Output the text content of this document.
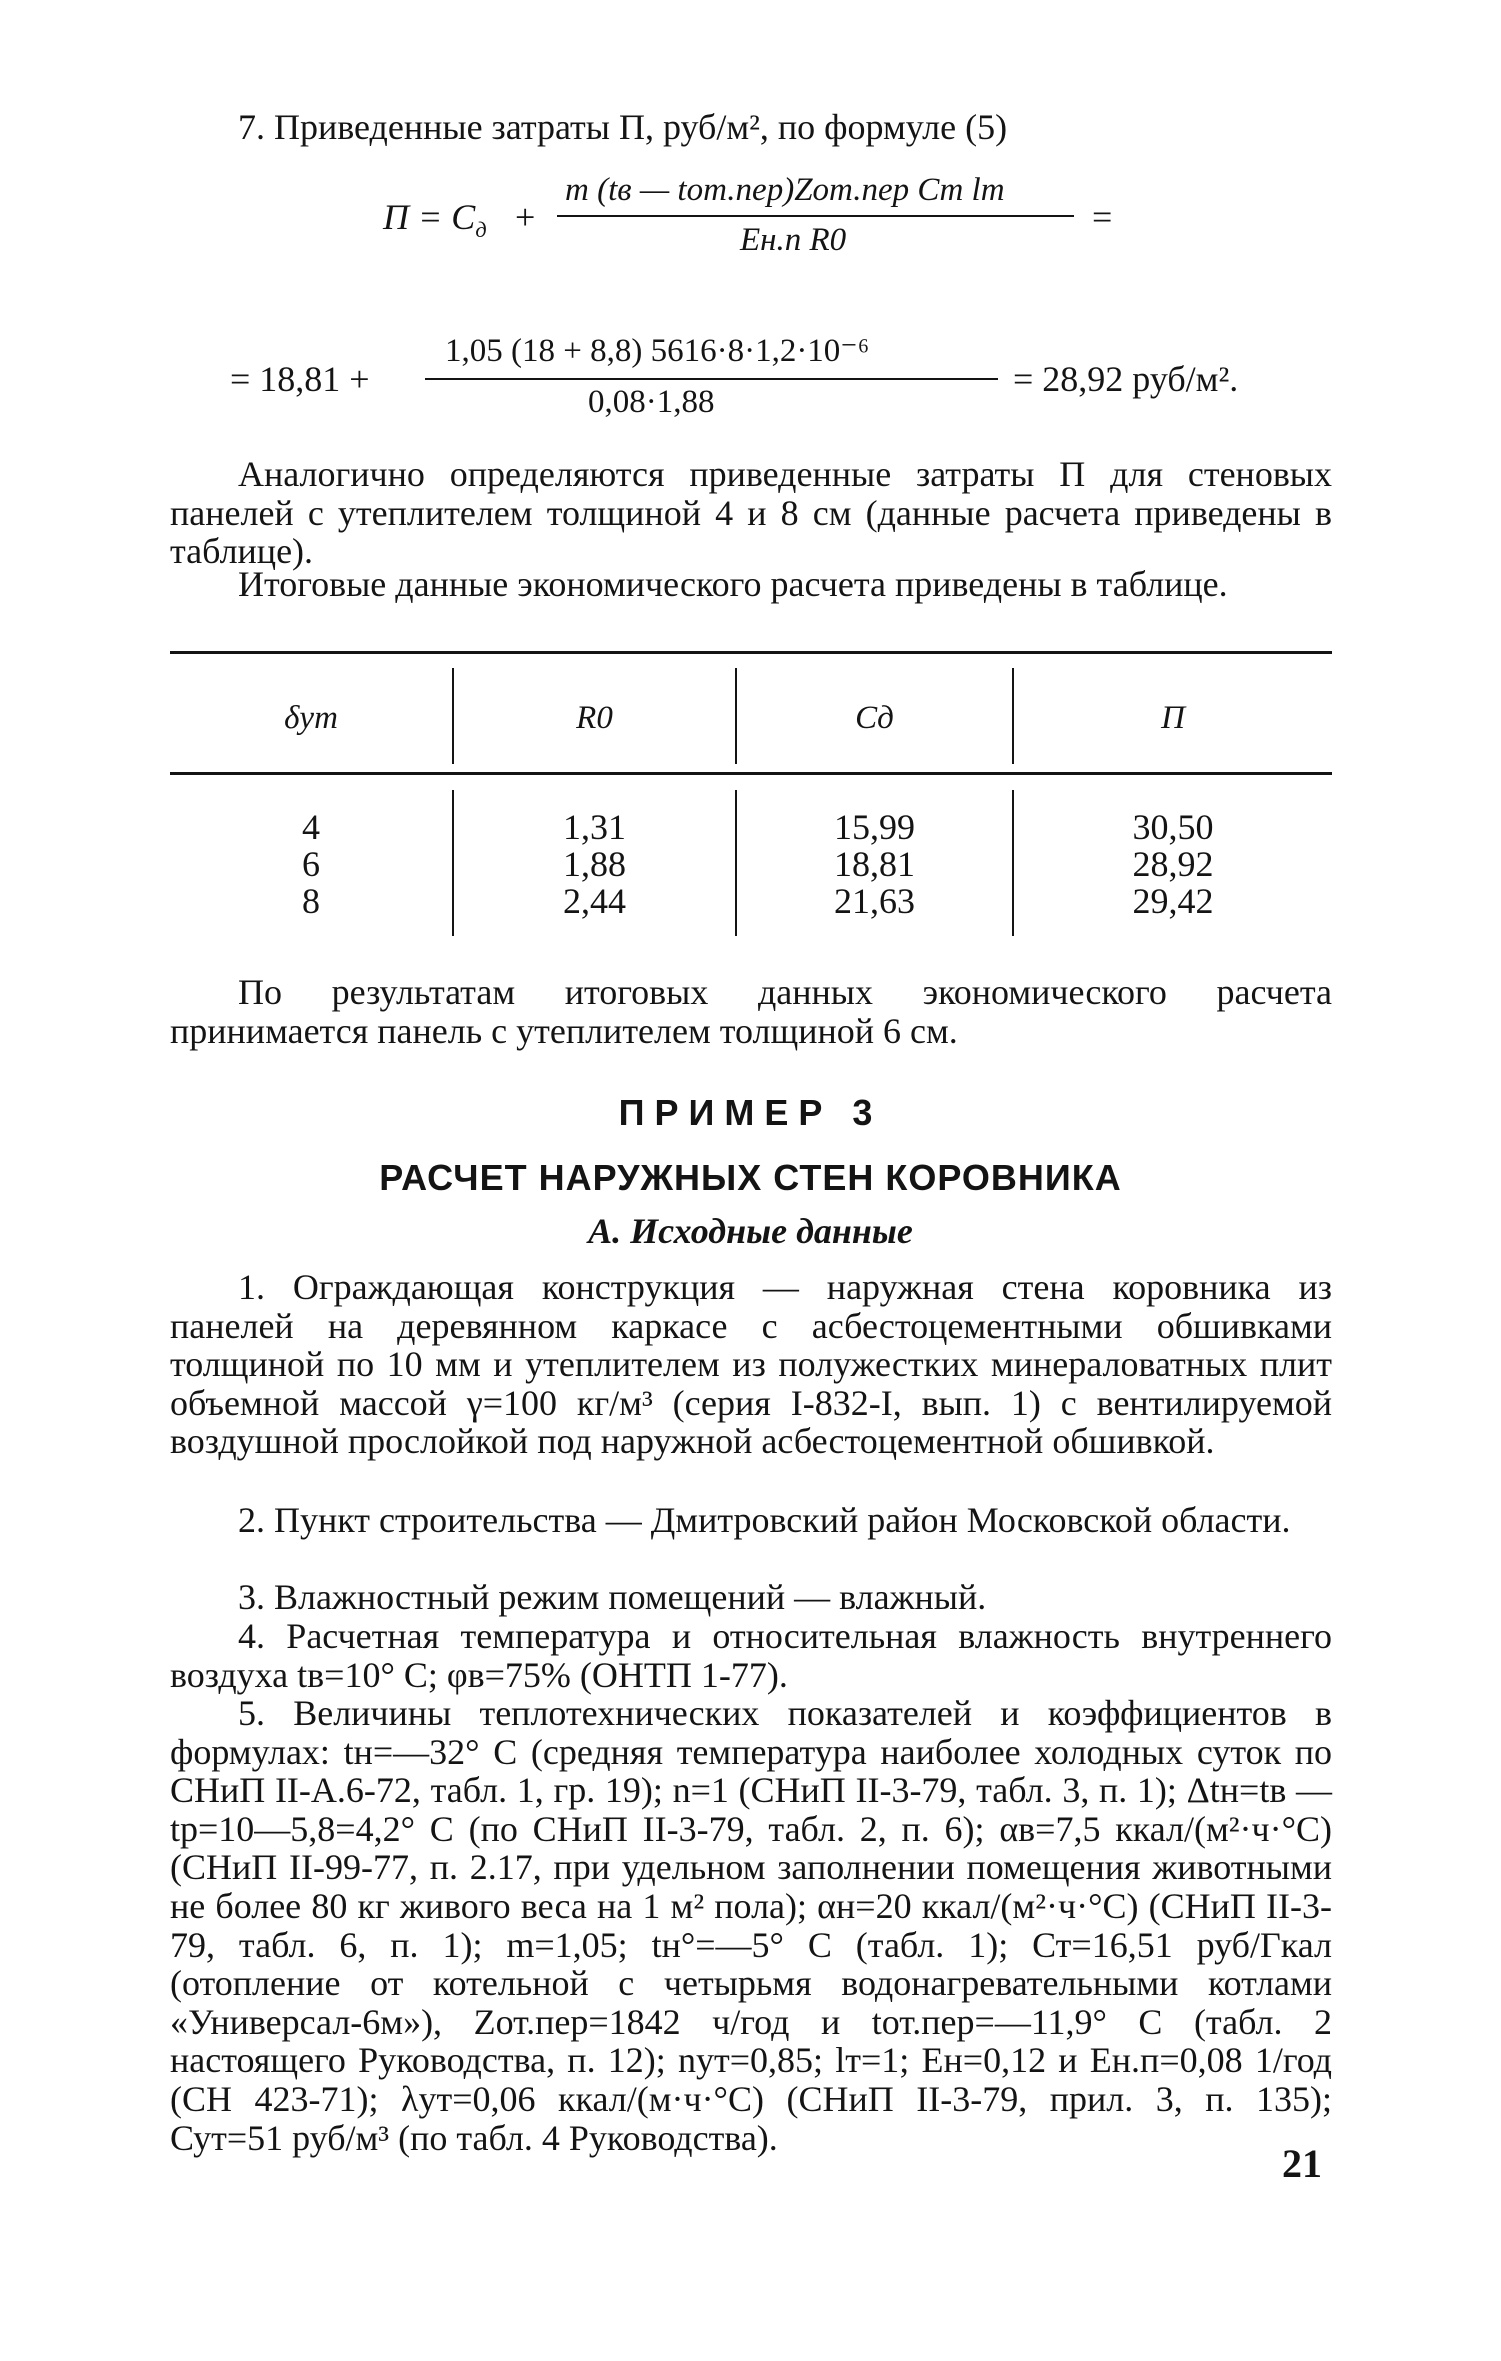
7. Приведенные затраты П, руб/м², по формуле (5)

$П = С_д$ +
m (tв — tот.пер)Zот.пер Cт lт
Eн.п R0
=
= 18,81 +
1,05 (18 + 8,8) 5616·8·1,2·10⁻⁶
0,08·1,88
= 28,92 руб/м².

Аналогично определяются приведенные затраты П для стеновых панелей с утеплителем толщиной 4 и 8 см (данные расчета приведены в таблице).

Итоговые данные экономического расчета приведены в таблице.

δут	R0	Сд	П
4	1,31	15,99	30,50
6	1,88	18,81	28,92
8	2,44	21,63	29,42

По результатам итоговых данных экономического расчета принимается панель с утеплителем толщиной 6 см.

ПРИМЕР 3
РАСЧЕТ НАРУЖНЫХ СТЕН КОРОВНИКА
А. Исходные данные

1. Ограждающая конструкция — наружная стена коровника из панелей на деревянном каркасе с асбестоцементными обшивками толщиной по 10 мм и утеплителем из полужестких минераловатных плит объемной массой γ=100 кг/м³ (серия I-832-I, вып. 1) с вентилируемой воздушной прослойкой под наружной асбестоцементной обшивкой.

2. Пункт строительства — Дмитровский район Московской области.

3. Влажностный режим помещений — влажный.

4. Расчетная температура и относительная влажность внутреннего воздуха tв=10° С; φв=75% (ОНТП 1-77).

5. Величины теплотехнических показателей и коэффициентов в формулах: tн=—32° С (средняя температура наиболее холодных суток по СНиП II-А.6-72, табл. 1, гр. 19); n=1 (СНиП II-3-79, табл. 3, п. 1); Δtн=tв — tр=10—5,8=4,2° С (по СНиП II-3-79, табл. 2, п. 6); αв=7,5 ккал/(м²·ч·°С) (СНиП II-99-77, п. 2.17, при удельном заполнении помещения животными не более 80 кг живого веса на 1 м² пола); αн=20 ккал/(м²·ч·°С) (СНиП II-3-79, табл. 6, п. 1); m=1,05; tн°=—5° С (табл. 1); Ст=16,51 руб/Гкал (отопление от котельной с четырьмя водонагревательными котлами «Универсал-6м»), Zот.пер=1842 ч/год и tот.пер=—11,9° С (табл. 2 настоящего Руководства, п. 12); nут=0,85; lт=1; Ен=0,12 и Ен.п=0,08 1/год (СН 423-71); λут=0,06 ккал/(м·ч·°С) (СНиП II-3-79, прил. 3, п. 135); Сут=51 руб/м³ (по табл. 4 Руководства).

21
